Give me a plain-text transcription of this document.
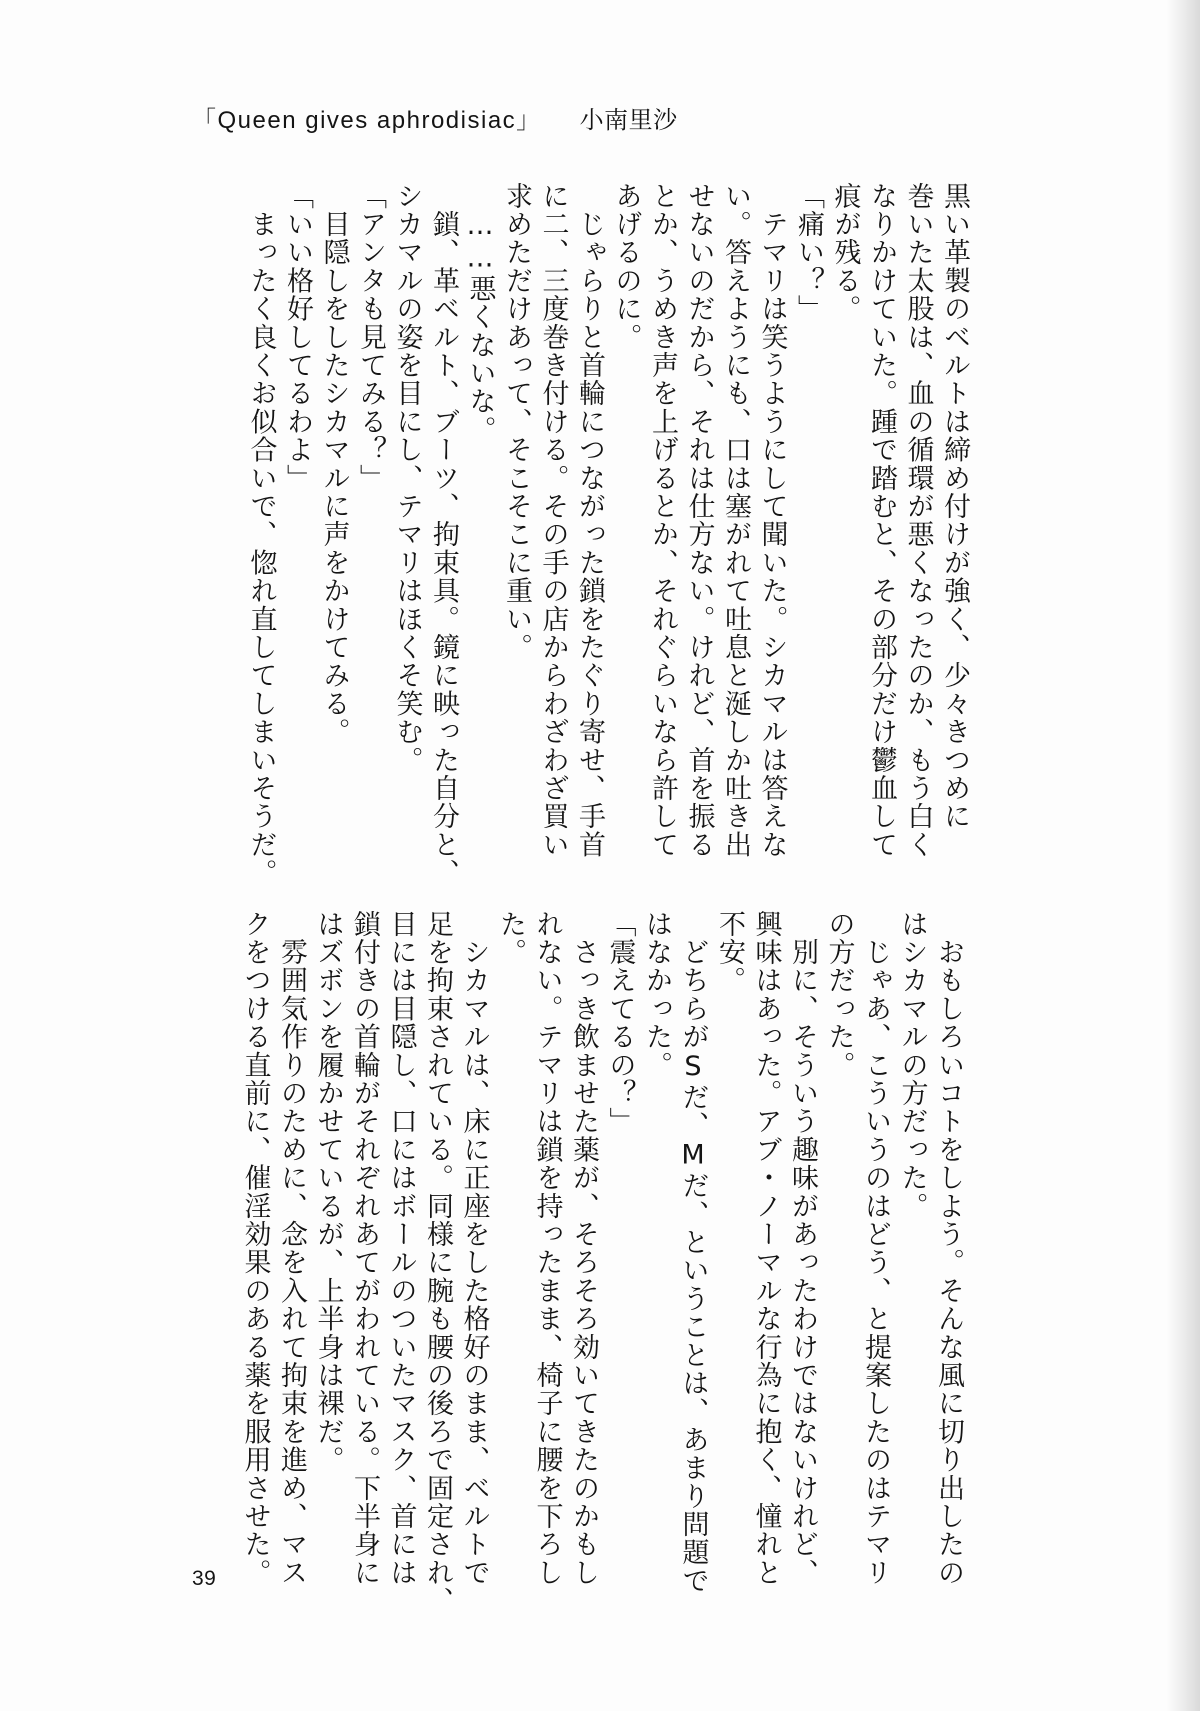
「Queen gives aphrodisiac」 小南里沙

黒い革製のベルトは締め付けが強く、少々きつめに

巻いた太股は、血の循環が悪くなったのか、もう白く

なりかけていた。踵で踏むと、その部分だけ鬱血して

痕が残る。

「痛い？」

　テマリは笑うようにして聞いた。シカマルは答えな

い。答えようにも、口は塞がれて吐息と涎しか吐き出

せないのだから、それは仕方ない。けれど、首を振る

とか、うめき声を上げるとか、それぐらいなら許して

あげるのに。

　じゃらりと首輪につながった鎖をたぐり寄せ、手首

に二、三度巻き付ける。その手の店からわざわざ買い

求めただけあって、そこそこに重い。

　……悪くないな。

　鎖、革ベルト、ブーツ、拘束具。鏡に映った自分と、

シカマルの姿を目にし、テマリはほくそ笑む。

「アンタも見てみる？」

　目隠しをしたシカマルに声をかけてみる。

「いい格好してるわよ」

　まったく良くお似合いで、惚れ直してしまいそうだ。

　おもしろいコトをしよう。そんな風に切り出したの

はシカマルの方だった。

　じゃあ、こういうのはどう、と提案したのはテマリ

の方だった。

　別に、そういう趣味があったわけではないけれど、

興味はあった。アブ・ノーマルな行為に抱く、憧れと

不安。

　どちらがSだ、Mだ、ということは、あまり問題で

はなかった。

「震えてるの？」

　さっき飲ませた薬が、そろそろ効いてきたのかもし

れない。テマリは鎖を持ったまま、椅子に腰を下ろし

た。

　シカマルは、床に正座をした格好のまま、ベルトで

足を拘束されている。同様に腕も腰の後ろで固定され、

目には目隠し、口にはボールのついたマスク、首には

鎖付きの首輪がそれぞれあてがわれている。下半身に

はズボンを履かせているが、上半身は裸だ。

　雰囲気作りのために、念を入れて拘束を進め、マス

クをつける直前に、催淫効果のある薬を服用させた。

39
